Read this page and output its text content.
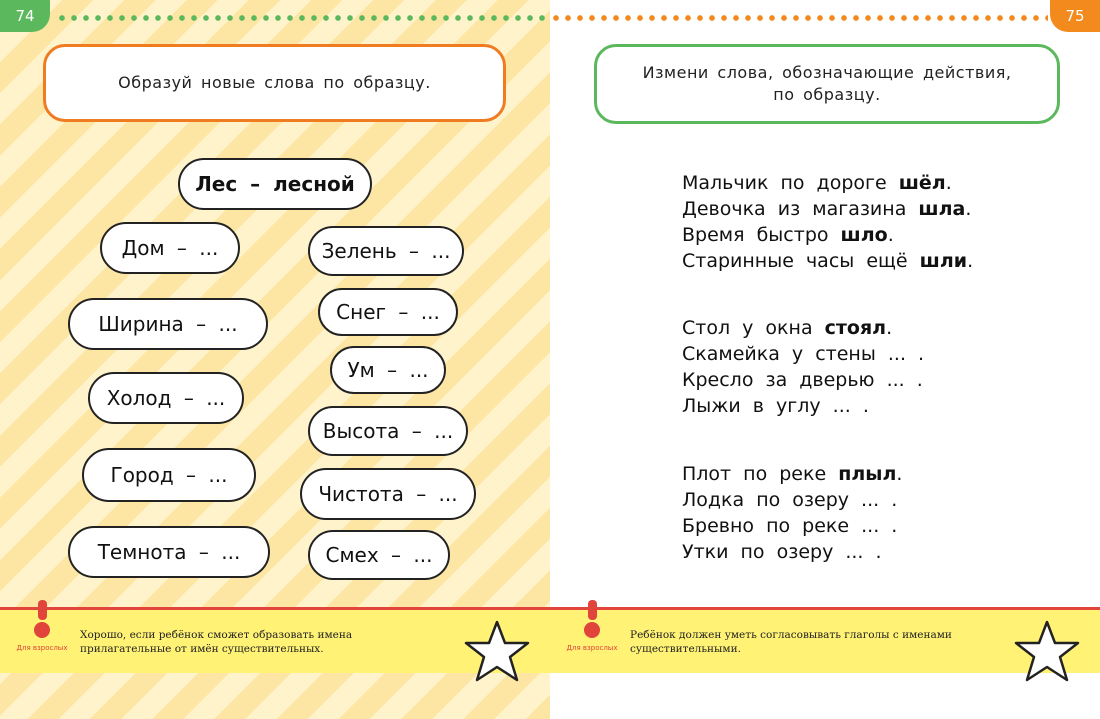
74
Образуй новые слова по образцу.
Лес – лесной
Дом – ...
Ширина – ...
Холод – ...
Город – ...
Темнота – ...
Зелень – ...
Снег – ...
Ум – ...
Высота – ...
Чистота – ...
Смех – ...
Для взрослых
Хорошо, если ребёнок сможет образовать имена
прилагательные от имён существительных.
75
Измени слова, обозначающие действия,
по образцу.
Мальчик по дороге шёл.
Девочка из магазина шла.
Время быстро шло.
Старинные часы ещё шли.
Стол у окна стоял.
Скамейка у стены ... .
Кресло за дверью ... .
Лыжи в углу ... .
Плот по реке плыл.
Лодка по озеру ... .
Бревно по реке ... .
Утки по озеру ... .
Для взрослых
Ребёнок должен уметь согласовывать глаголы с именами
существительными.
